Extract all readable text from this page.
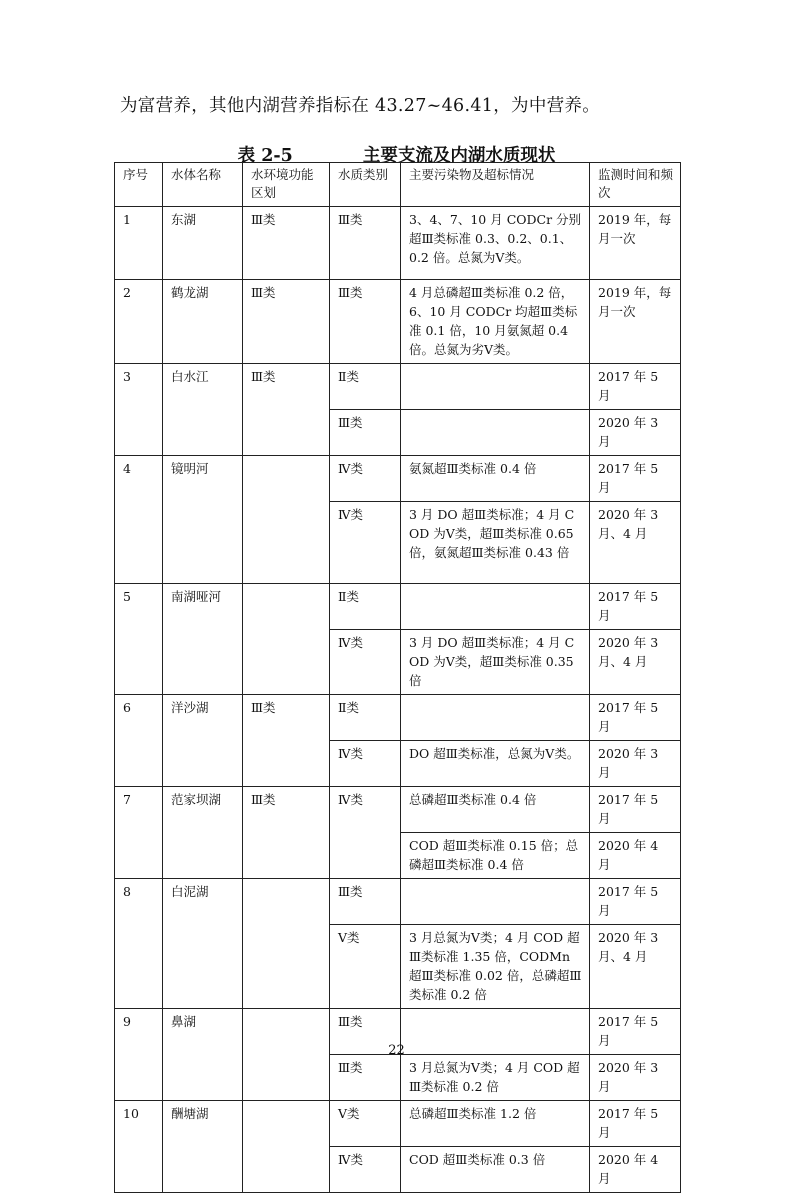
为富营养，其他内湖营养指标在 43.27~46.41，为中营养。
表 2-5	主要支流及内湖水质现状
序号	水体名称	水环境功能区划	水质类别	主要污染物及超标情况	监测时间和频次
1	东湖	Ⅲ类	Ⅲ类	3、4、7、10 月 CODCr 分别超Ⅲ类标准 0.3、0.2、0.1、0.2 倍。总氮为Ⅴ类。	2019 年，每月一次
2	鹤龙湖	Ⅲ类	Ⅲ类	4 月总磷超Ⅲ类标准 0.2 倍，6、10 月 CODCr 均超Ⅲ类标准 0.1 倍，10 月氨氮超 0.4 倍。总氮为劣Ⅴ类。	2019 年，每月一次
3	白水江	Ⅲ类	Ⅱ类		2017 年 5 月
			Ⅲ类		2020 年 3 月
4	镜明河		Ⅳ类	氨氮超Ⅲ类标准 0.4 倍	2017 年 5 月
			Ⅳ类	3 月 DO 超Ⅲ类标准；4 月 COD 为Ⅴ类，超Ⅲ类标准 0.65 倍，氨氮超Ⅲ类标准 0.43 倍	2020 年 3 月、4 月
5	南湖哑河		Ⅱ类		2017 年 5 月
			Ⅳ类	3 月 DO 超Ⅲ类标准；4 月 COD 为Ⅴ类，超Ⅲ类标准 0.35 倍	2020 年 3 月、4 月
6	洋沙湖	Ⅲ类	Ⅱ类		2017 年 5 月
			Ⅳ类	DO 超Ⅲ类标准，总氮为Ⅴ类。	2020 年 3 月
7	范家坝湖	Ⅲ类	Ⅳ类	总磷超Ⅲ类标准 0.4 倍	2017 年 5 月
				COD 超Ⅲ类标准 0.15 倍；总磷超Ⅲ类标准 0.4 倍	2020 年 4 月
8	白泥湖		Ⅲ类		2017 年 5 月
			Ⅴ类	3 月总氮为Ⅴ类；4 月 COD 超Ⅲ类标准 1.35 倍，CODMn 超Ⅲ类标准 0.02 倍，总磷超Ⅲ类标准 0.2 倍	2020 年 3 月、4 月
9	鼻湖		Ⅲ类		2017 年 5 月
			Ⅲ类	3 月总氮为Ⅴ类；4 月 COD 超Ⅲ类标准 0.2 倍	2020 年 3 月
10	酬塘湖		Ⅴ类	总磷超Ⅲ类标准 1.2 倍	2017 年 5 月
			Ⅳ类	COD 超Ⅲ类标准 0.3 倍	2020 年 4 月
22
